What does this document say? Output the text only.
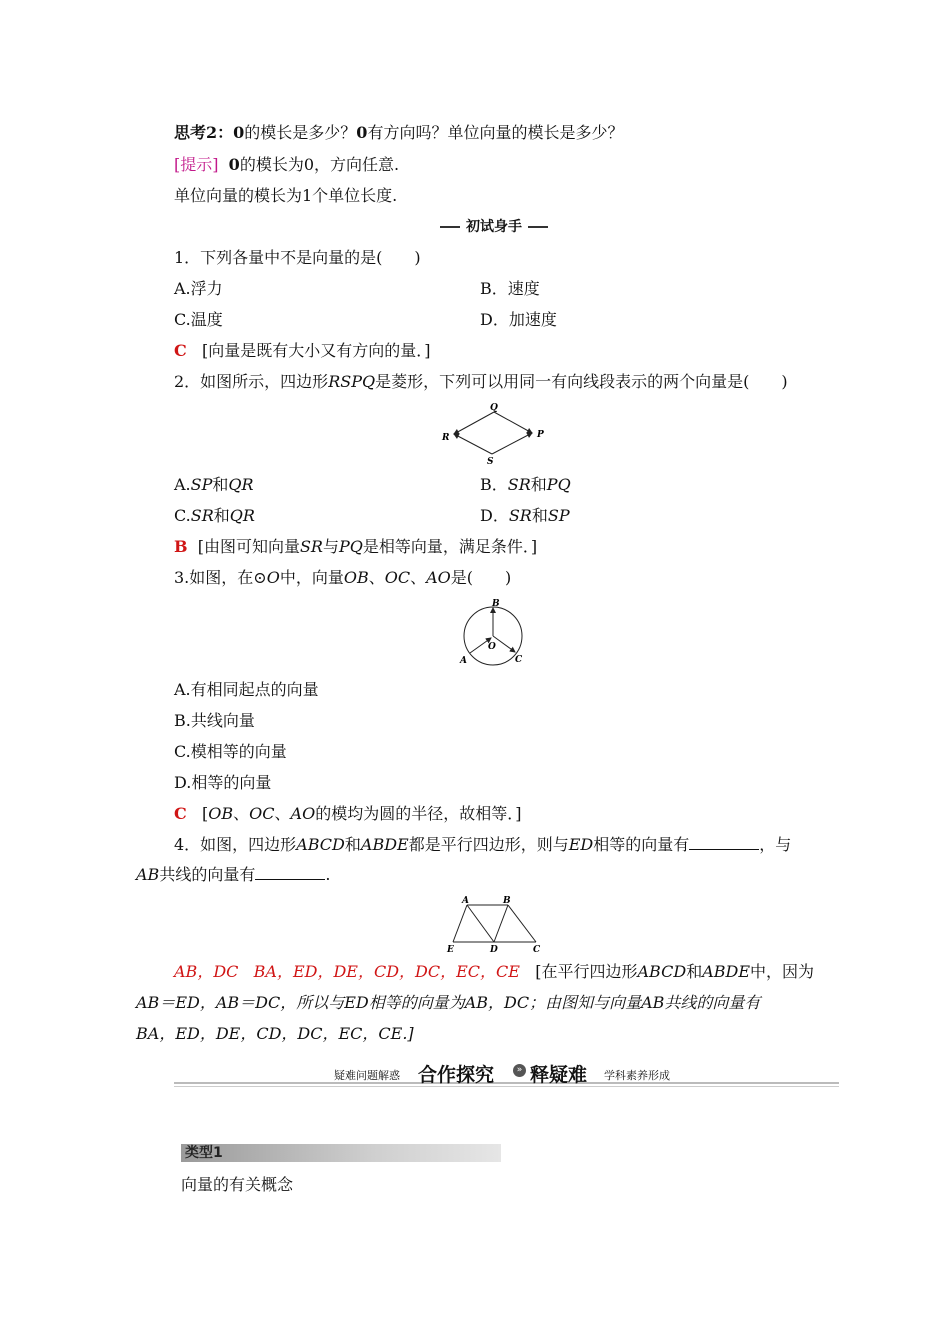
思考2：0的模长是多少？0有方向吗？单位向量的模长是多少？
[提示] 0的模长为0，方向任意.
单位向量的模长为1个单位长度.
初试身手
1．下列各量中不是向量的是(　　)
A.浮力	B．速度
C.温度	D．加速度
C [向量是既有大小又有方向的量．]
2．如图所示，四边形RSPQ是菱形，下列可以用同一有向线段表示的两个向量是(　　)
Q
R	P
S
A.SP和QR	B．SR和PQ
C.SR和QR	D．SR和SP
B [由图可知向量SR与PQ是相等向量，满足条件．]
3.如图，在⊙O中，向量OB、OC、AO是(　　)
B
A
O
C
A.有相同起点的向量
B.共线向量
C.模相等的向量
D.相等的向量
C [OB、OC、AO的模均为圆的半径，故相等．]
4．如图，四边形ABCD和ABDE都是平行四边形，则与ED相等的向量有	，与
AB共线的向量有	.
A	B
E	D	C
AB，DC BA，ED，DE，CD，DC，EC，CE [在平行四边形ABCD和ABDE中，因为
AB＝ED，AB＝DC，所以与ED相等的向量为AB，DC；由图知与向量AB共线的向量有
BA，ED，DE，CD，DC，EC，CE.]
疑难问题解惑 合作探究	» 释疑难 学科素养形成
类型1
向量的有关概念
